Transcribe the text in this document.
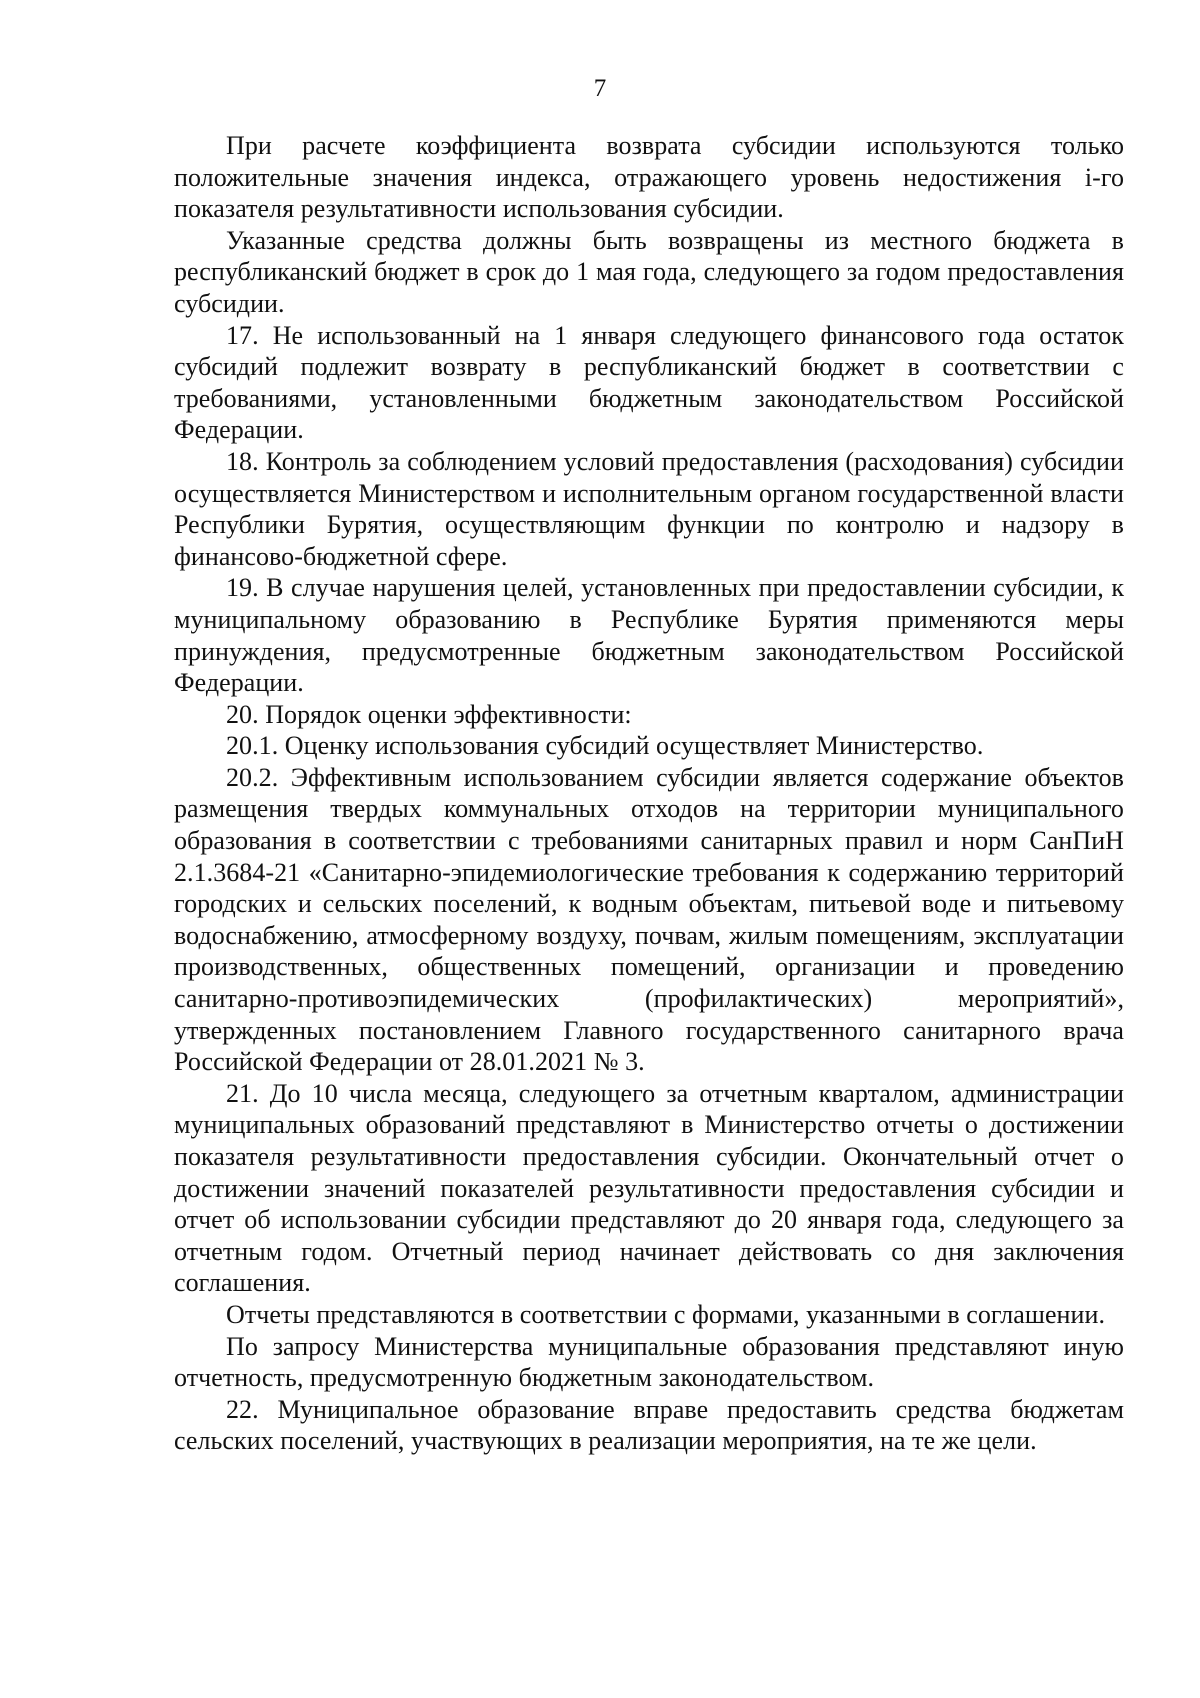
7

При расчете коэффициента возврата субсидии используются только положительные значения индекса, отражающего уровень недостижения i-го показателя результативности использования субсидии.

Указанные средства должны быть возвращены из местного бюджета в республиканский бюджет в срок до 1 мая года, следующего за годом предоставления субсидии.

17. Не использованный на 1 января следующего финансового года остаток субсидий подлежит возврату в республиканский бюджет в соответствии с требованиями, установленными бюджетным законодательством Российской Федерации.

18. Контроль за соблюдением условий предоставления (расходования) субсидии осуществляется Министерством и исполнительным органом государственной власти Республики Бурятия, осуществляющим функции по контролю и надзору в финансово-бюджетной сфере.

19. В случае нарушения целей, установленных при предоставлении субсидии, к муниципальному образованию в Республике Бурятия применяются меры принуждения, предусмотренные бюджетным законодательством Российской Федерации.

20. Порядок оценки эффективности:

20.1. Оценку использования субсидий осуществляет Министерство.

20.2. Эффективным использованием субсидии является содержание объектов размещения твердых коммунальных отходов на территории муниципального образования в соответствии с требованиями санитарных правил и норм СанПиН 2.1.3684-21 «Санитарно-эпидемиологические требования к содержанию территорий городских и сельских поселений, к водным объектам, питьевой воде и питьевому водоснабжению, атмосферному воздуху, почвам, жилым помещениям, эксплуатации производственных, общественных помещений, организации и проведению санитарно-противоэпидемических (профилактических) мероприятий», утвержденных постановлением Главного государственного санитарного врача Российской Федерации от 28.01.2021 № 3.

21. До 10 числа месяца, следующего за отчетным кварталом, администрации муниципальных образований представляют в Министерство отчеты о достижении показателя результативности предоставления субсидии. Окончательный отчет о достижении значений показателей результативности предоставления субсидии и отчет об использовании субсидии представляют до 20 января года, следующего за отчетным годом. Отчетный период начинает действовать со дня заключения соглашения.

Отчеты представляются в соответствии с формами, указанными в соглашении.

По запросу Министерства муниципальные образования представляют иную отчетность, предусмотренную бюджетным законодательством.

22. Муниципальное образование вправе предоставить средства бюджетам сельских поселений, участвующих в реализации мероприятия, на те же цели.
